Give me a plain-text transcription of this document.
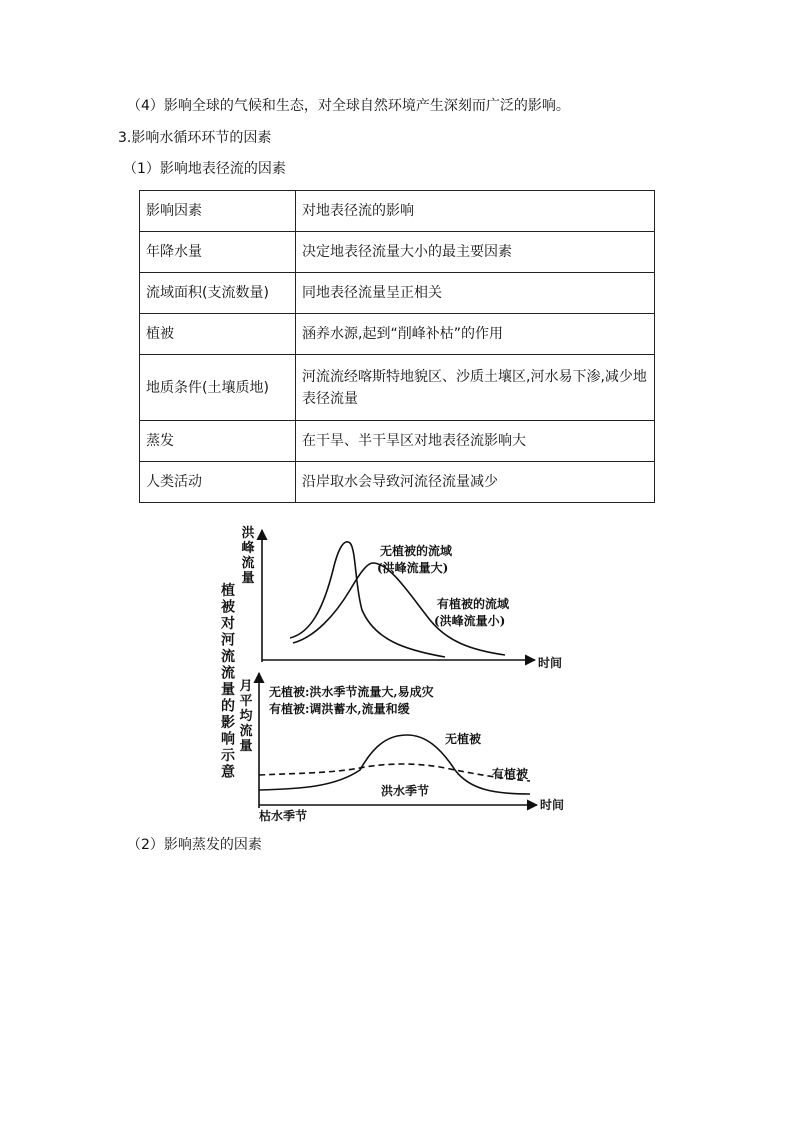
（4）影响全球的气候和生态，对全球自然环境产生深刻而广泛的影响。
3.影响水循环环节的因素
（1）影响地表径流的因素
影响因素	对地表径流的影响
年降水量	决定地表径流量大小的最主要因素
流域面积(支流数量)	同地表径流量呈正相关
植被	涵养水源,起到“削峰补枯”的作用
地质条件(土壤质地)	河流流经喀斯特地貌区、沙质土壤区,河水易下渗,减少地表径流量
蒸发	在干旱、半干旱区对地表径流影响大
人类活动	沿岸取水会导致河流径流量减少
植被对河流流量的影响示意
洪峰流量
时间
无植被的流域
(洪峰流量大)
有植被的流域
(洪峰流量小)
月平均流量
时间
无植被:洪水季节流量大,易成灾
有植被:调洪蓄水,流量和缓
无植被
有植被
洪水季节
枯水季节
（2）影响蒸发的因素
